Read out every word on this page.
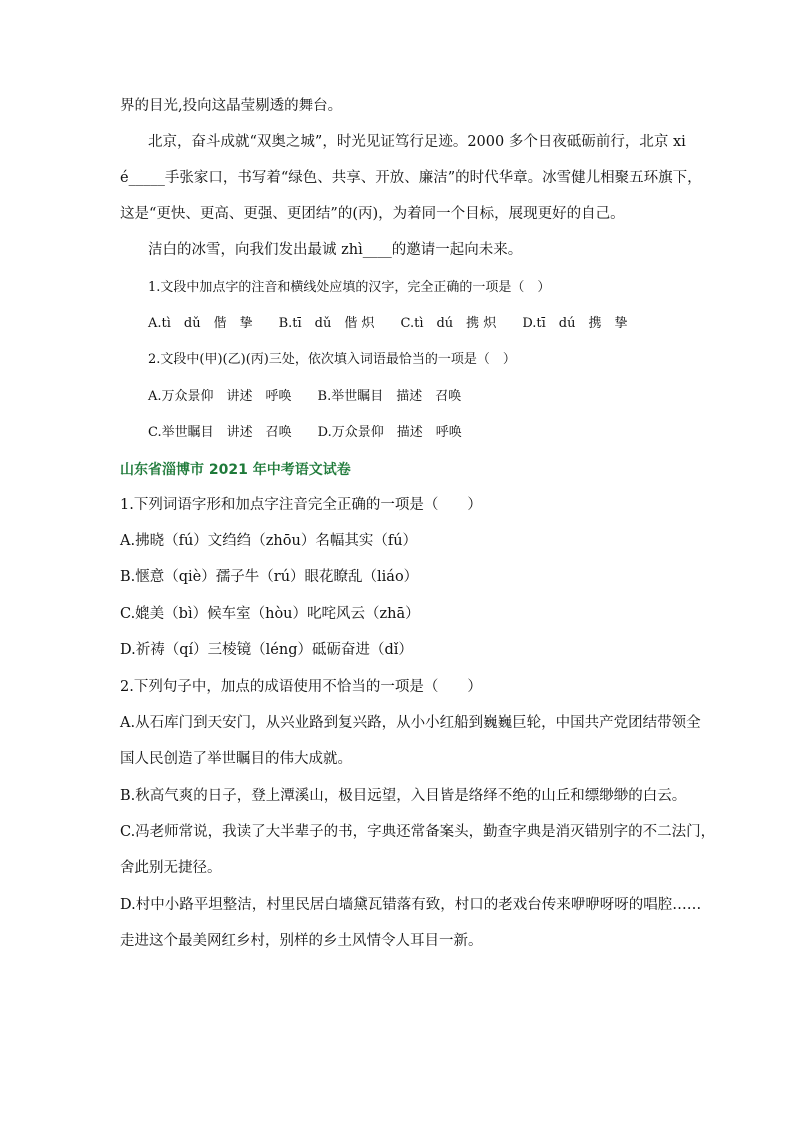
界的目光,投向这晶莹剔透的舞台。
北京，奋斗成就“双奥之城”，时光见证笃行足迹。2000 多个日夜砥砺前行，北京 xi
é_____手张家口，书写着“绿色、共享、开放、廉洁”的时代华章。冰雪健儿相聚五环旗下，
这是“更快、更高、更强、更团结”的(丙)，为着同一个目标，展现更好的自己。
洁白的冰雪，向我们发出最诚 zhì____的邀请一起向未来。
1.文段中加点字的注音和横线处应填的汉字，完全正确的一项是（　）
A.tì　dǔ　偕　挚　　B.tī　dǔ　偕 炽　　C.tì　dú　携 炽　　D.tī　dú　携　挚
2.文段中(甲)(乙)(丙)三处，依次填入词语最恰当的一项是（　）
A.万众景仰　讲述　呼唤　　B.举世瞩目　描述　召唤
C.举世瞩目　讲述　召唤　　D.万众景仰　描述　呼唤
山东省淄博市 2021 年中考语文试卷
1.下列词语字形和加点字注音完全正确的一项是（　　）
A.拂晓（fú）文绉绉（zhōu）名幅其实（fú）
B.惬意（qiè）孺子牛（rú）眼花瞭乱（liáo）
C.媲美（bì）候车室（hòu）叱咤风云（zhā）
D.祈祷（qí）三棱镜（léng）砥砺奋进（dǐ）
2.下列句子中，加点的成语使用不恰当的一项是（　　）
A.从石库门到天安门，从兴业路到复兴路，从小小红船到巍巍巨轮，中国共产党团结带领全
国人民创造了举世瞩目的伟大成就。
B.秋高气爽的日子，登上潭溪山，极目远望，入目皆是络绎不绝的山丘和缥缈缈的白云。
C.冯老师常说，我读了大半辈子的书，字典还常备案头，勤查字典是消灭错别字的不二法门，
舍此别无捷径。
D.村中小路平坦整洁，村里民居白墙黛瓦错落有致，村口的老戏台传来咿咿呀呀的唱腔……
走进这个最美网红乡村，别样的乡土风情令人耳目一新。
